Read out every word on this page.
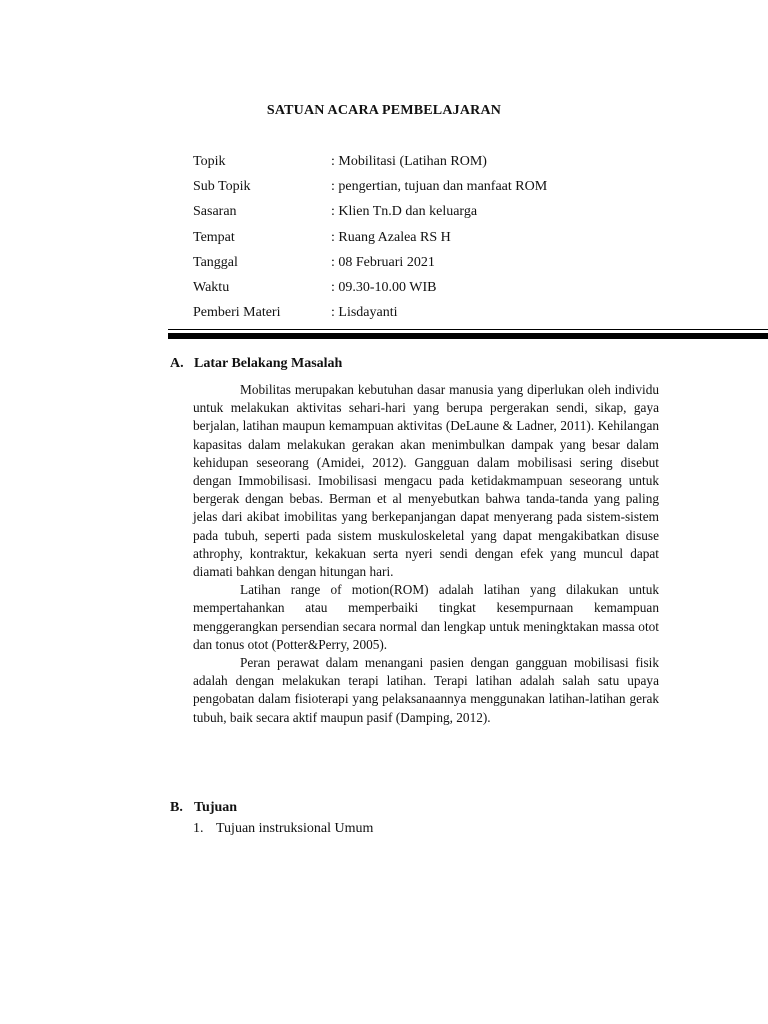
SATUAN ACARA PEMBELAJARAN
Topik	: Mobilitasi (Latihan ROM)
Sub Topik	: pengertian, tujuan dan manfaat ROM
Sasaran	: Klien Tn.D dan keluarga
Tempat	: Ruang Azalea RS H
Tanggal	: 08 Februari 2021
Waktu	: 09.30-10.00 WIB
Pemberi Materi	: Lisdayanti
A. Latar Belakang Masalah

Mobilitas merupakan kebutuhan dasar manusia yang diperlukan oleh individu untuk melakukan aktivitas sehari-hari yang berupa pergerakan sendi, sikap, gaya berjalan, latihan maupun kemampuan aktivitas (DeLaune & Ladner, 2011). Kehilangan kapasitas dalam melakukan gerakan akan menimbulkan dampak yang besar dalam kehidupan seseorang (Amidei, 2012). Gangguan dalam mobilisasi sering disebut dengan Immobilisasi. Imobilisasi mengacu pada ketidakmampuan seseorang untuk bergerak dengan bebas. Berman et al menyebutkan bahwa tanda-tanda yang paling jelas dari akibat imobilitas yang berkepanjangan dapat menyerang pada sistem-sistem pada tubuh, seperti pada sistem muskuloskeletal yang dapat mengakibatkan disuse athrophy, kontraktur, kekakuan serta nyeri sendi dengan efek yang muncul dapat diamati bahkan dengan hitungan hari.

Latihan range of motion(ROM) adalah latihan yang dilakukan untuk mempertahankan atau memperbaiki tingkat kesempurnaan kemampuan menggerangkan persendian secara normal dan lengkap untuk meningktakan massa otot dan tonus otot (Potter&Perry, 2005).

Peran perawat dalam menangani pasien dengan gangguan mobilisasi fisik adalah dengan melakukan terapi latihan. Terapi latihan adalah salah satu upaya pengobatan dalam fisioterapi yang pelaksanaannya menggunakan latihan-latihan gerak tubuh, baik secara aktif maupun pasif (Damping, 2012).

B. Tujuan
1. Tujuan instruksional Umum
